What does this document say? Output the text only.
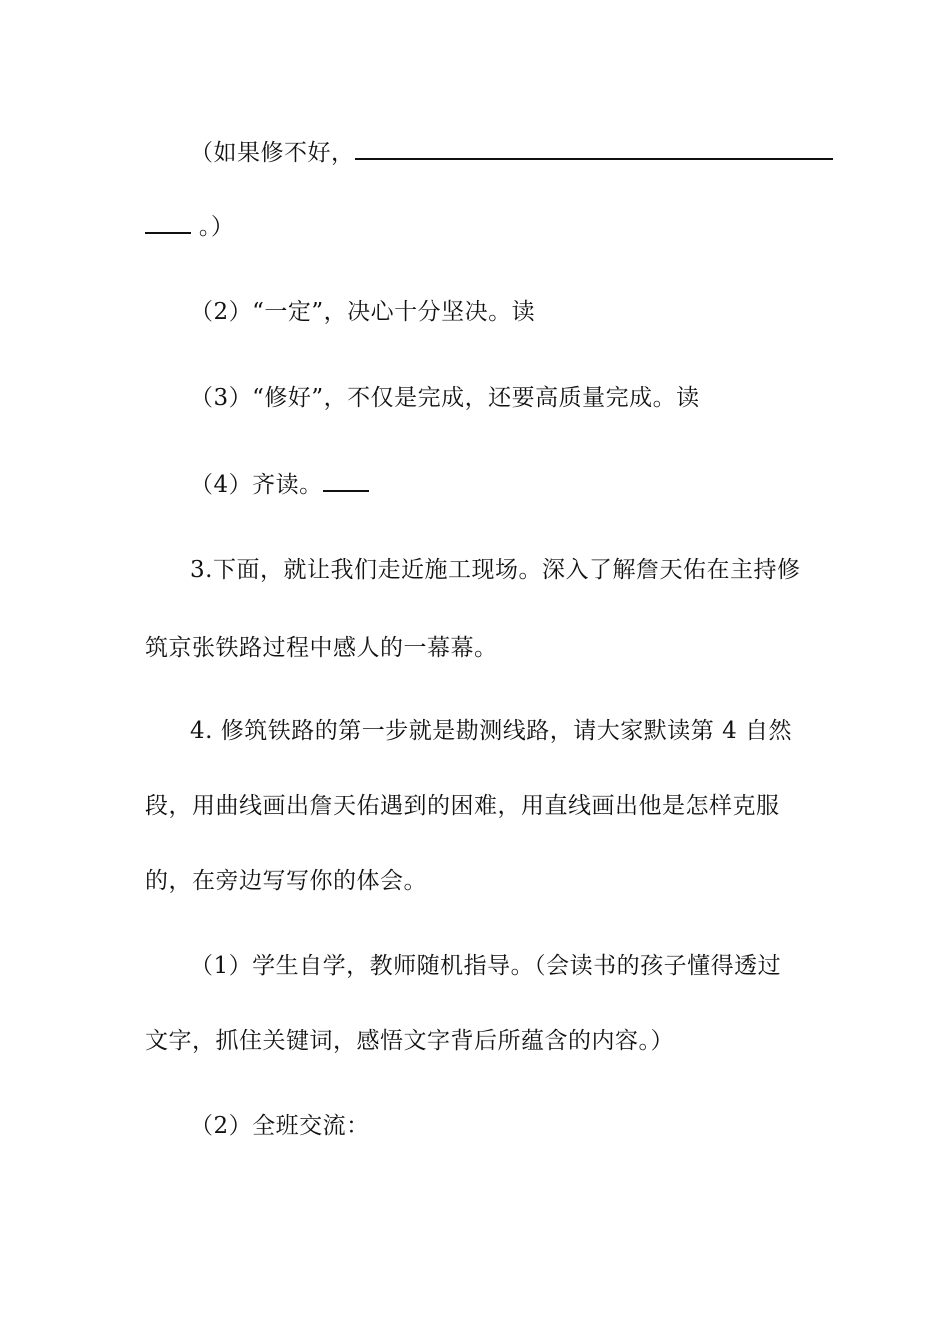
（如果修不好，
。）
（2）“一定”，决心十分坚决。读
（3）“修好”，不仅是完成，还要高质量完成。读
（4）齐读。
3.下面，就让我们走近施工现场。深入了解詹天佑在主持修
筑京张铁路过程中感人的一幕幕。
4. 修筑铁路的第一步就是勘测线路，请大家默读第 4 自然
段，用曲线画出詹天佑遇到的困难，用直线画出他是怎样克服
的，在旁边写写你的体会。
（1）学生自学，教师随机指导。（会读书的孩子懂得透过
文字，抓住关键词，感悟文字背后所蕴含的内容。）
（2）全班交流：
